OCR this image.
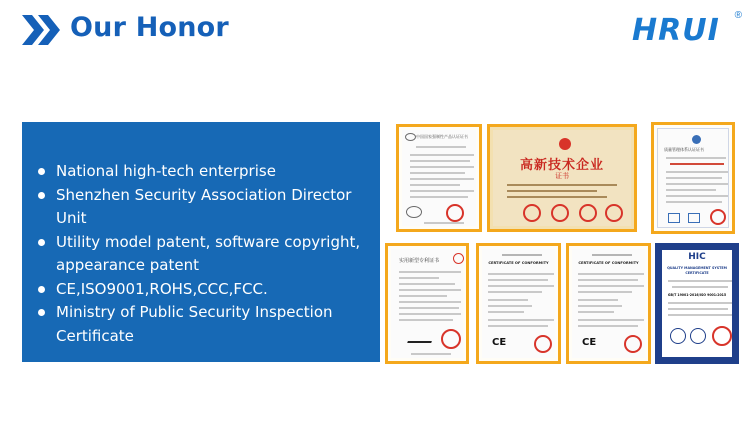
Our Honor	HRUI ®
National high-tech enterprise
Shenzhen Security Association Director Unit
Utility model patent, software copyright, appearance patent
CE,ISO9001,ROHS,CCC,FCC.
Ministry of Public Security Inspection Certificate
中国国家强制性产品认证证书
高新技术企业
证书
质量管理体系认证证书
实用新型专利证书	CERTIFICATE OF CONFORMITY
CE
CERTIFICATE OF CONFORMITY
CE
HIC
QUALITY MANAGEMENT SYSTEM CERTIFICATE
GB/T 19001-2016/ISO 9001:2015
